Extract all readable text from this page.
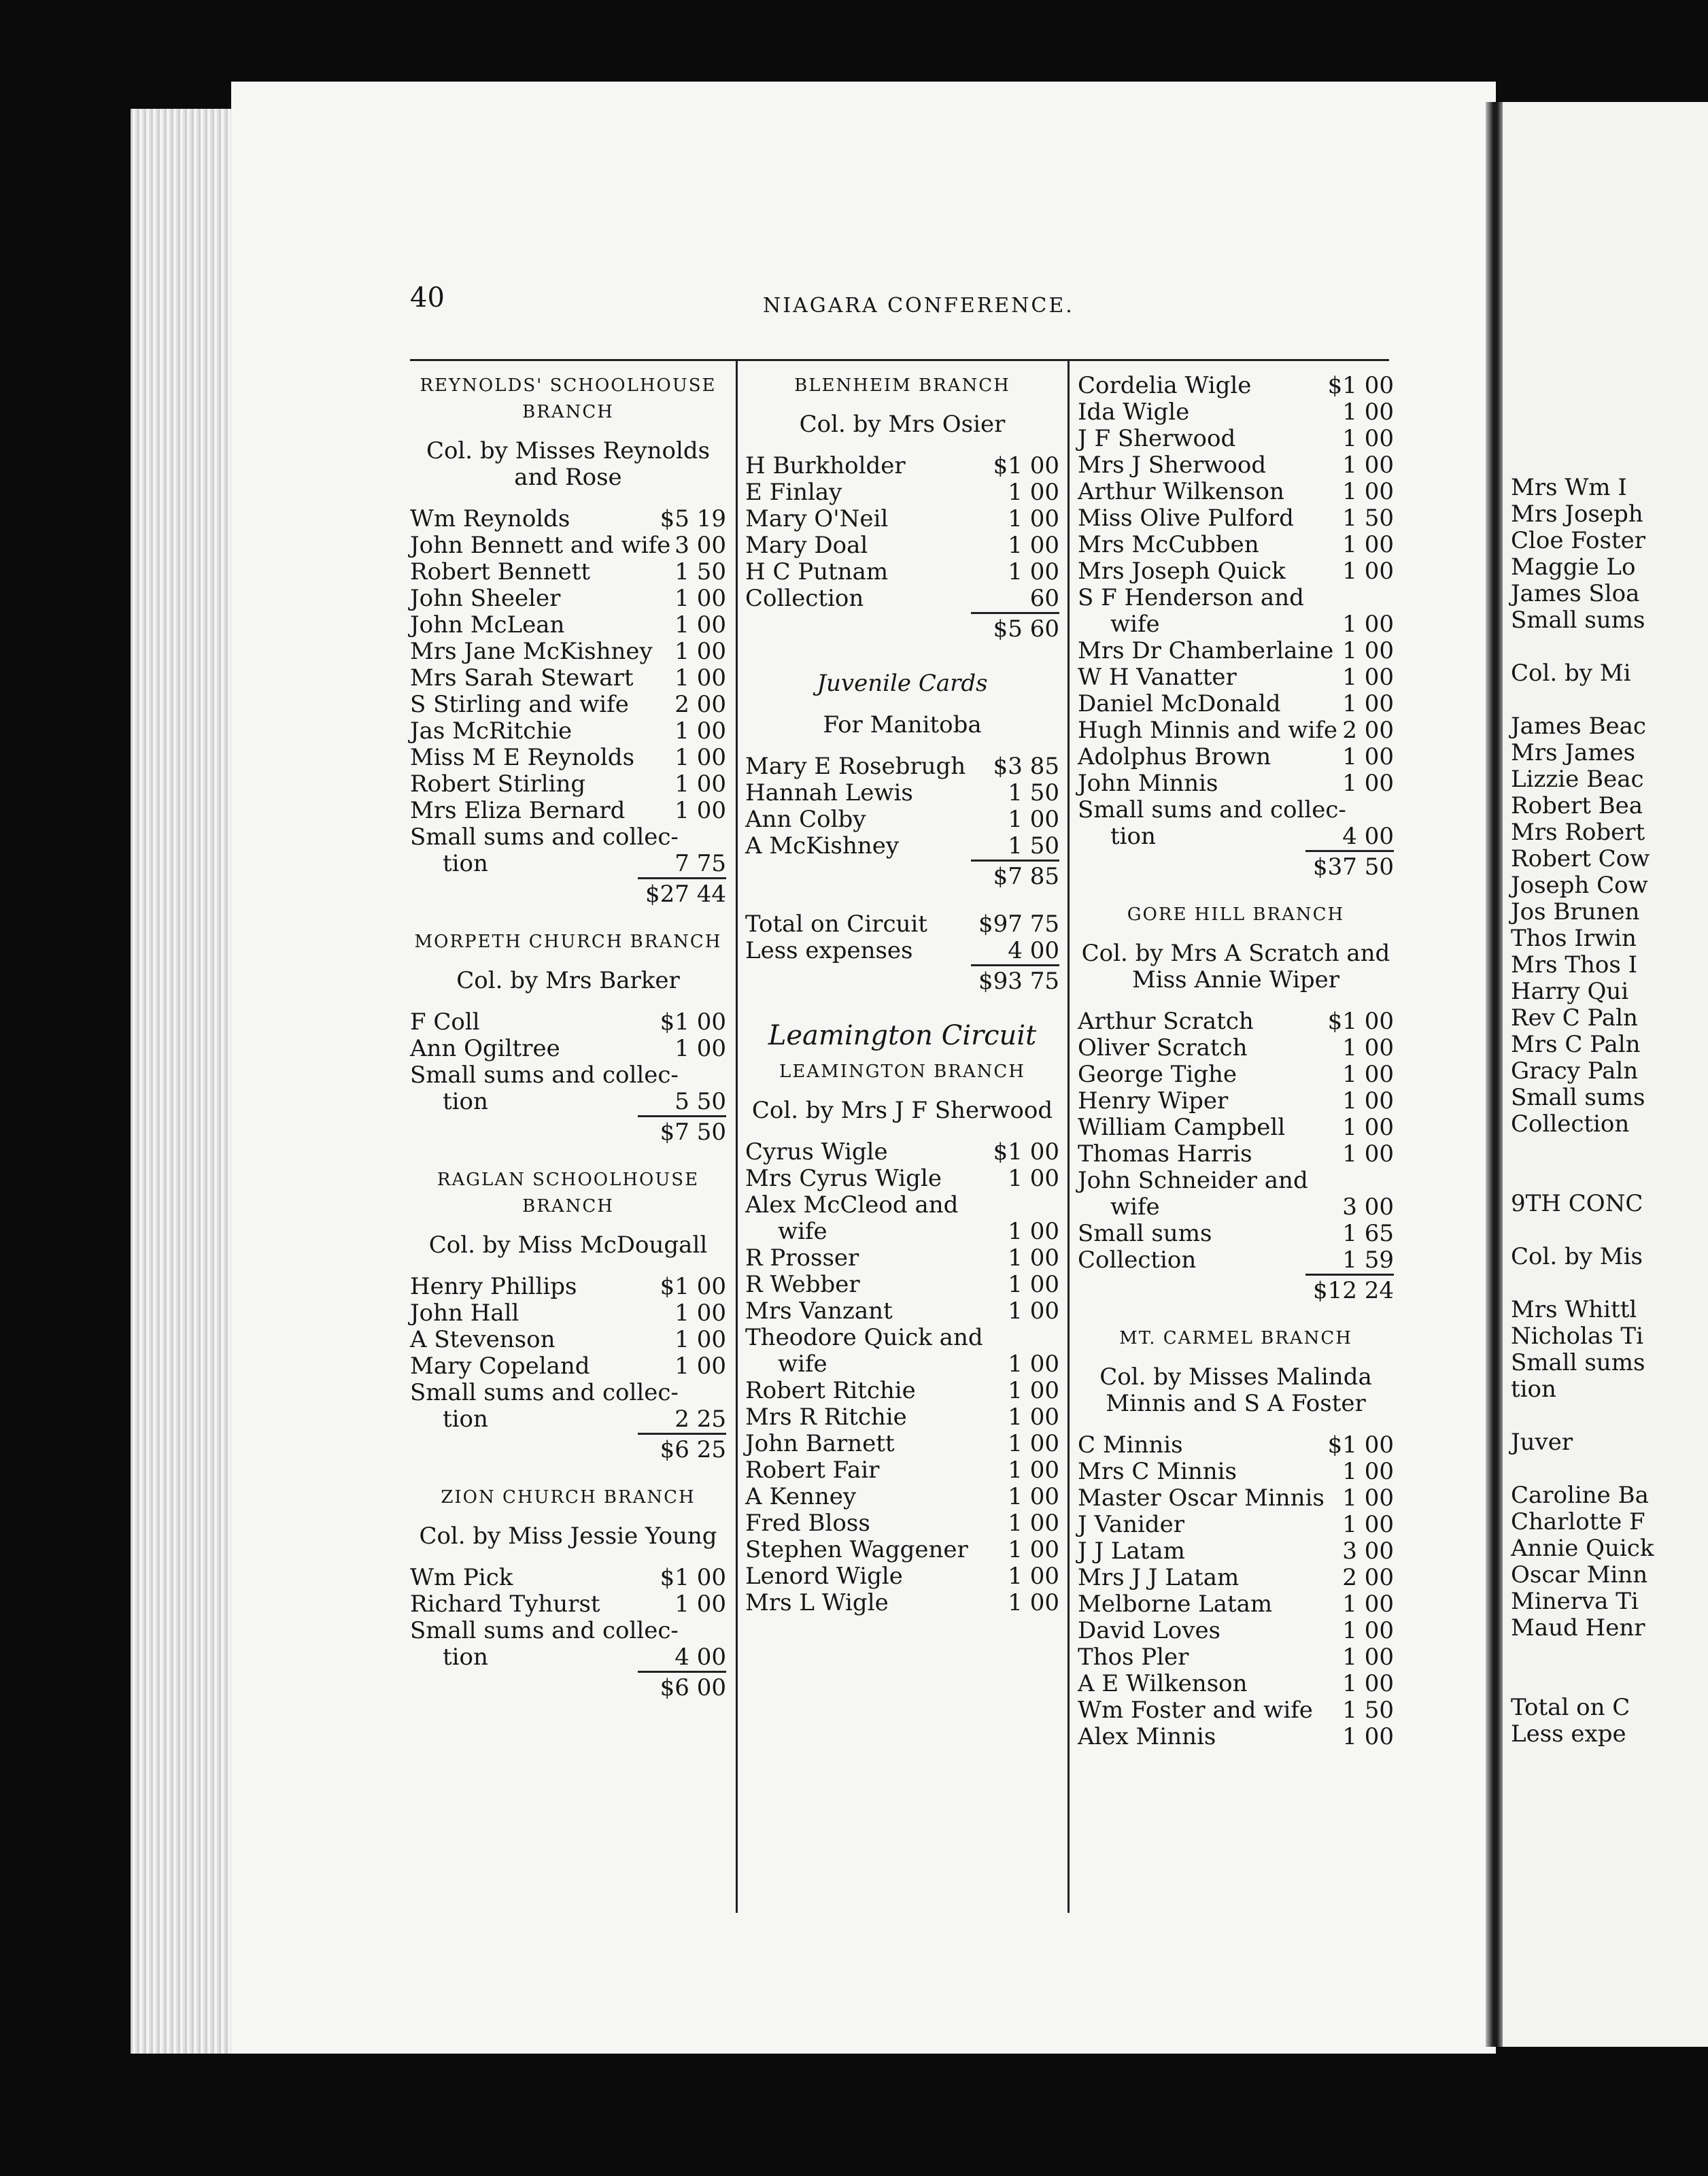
Mrs Wm I
Mrs Joseph
Cloe Foster
Maggie Lo
James Sloa
Small sums
Col. by Mi
James Beac
Mrs James
Lizzie Beac
Robert Bea
Mrs Robert
Robert Cow
Joseph Cow
Jos Brunen
Thos Irwin
Mrs Thos I
Harry Qui
Rev C Paln
Mrs C Paln
Gracy Paln
Small sums
Collection
9TH CONC
Col. by Mis
Mrs Whittl
Nicholas Ti
Small sums
tion
Juver
Caroline Ba
Charlotte F
Annie Quick
Oscar Minn
Minerva Ti
Maud Henr
Total on C
Less expe
40	NIAGARA CONFERENCE.
REYNOLDS' SCHOOLHOUSE
BRANCH
Col. by Misses Reynolds
and Rose
Wm Reynolds	$5 19
John Bennett and wife 3 00
Robert Bennett	1 50
John Sheeler	1 00
John McLean	1 00
Mrs Jane McKishney 1 00
Mrs Sarah Stewart 1 00
S Stirling and wife 2 00
Jas McRitchie	1 00
Miss M E Reynolds 1 00
Robert Stirling	1 00
Mrs Eliza Bernard 1 00
Small sums and collec-
tion	7 75
$27 44
MORPETH CHURCH BRANCH
Col. by Mrs Barker
F Coll	$1 00
Ann Ogiltree	1 00
Small sums and collec-
tion	5 50
$7 50
RAGLAN SCHOOLHOUSE
BRANCH
Col. by Miss McDougall
Henry Phillips	$1 00
John Hall	1 00
A Stevenson	1 00
Mary Copeland	1 00
Small sums and collec-
tion	2 25
$6 25
ZION CHURCH BRANCH
Col. by Miss Jessie Young
Wm Pick	$1 00
Richard Tyhurst	1 00
Small sums and collec-
tion	4 00
$6 00
BLENHEIM BRANCH
Col. by Mrs Osier
H Burkholder	$1 00
E Finlay	1 00
Mary O'Neil	1 00
Mary Doal	1 00
H C Putnam	1 00
Collection	60
$5 60
Juvenile Cards
For Manitoba
Mary E Rosebrugh $3 85
Hannah Lewis	1 50
Ann Colby	1 00
A McKishney	1 50
$7 85
Total on Circuit $97 75
Less expenses	4 00
$93 75
Leamington Circuit
LEAMINGTON BRANCH
Col. by Mrs J F Sherwood
Cyrus Wigle	$1 00
Mrs Cyrus Wigle	1 00
Alex McCleod and
wife	1 00
R Prosser	1 00
R Webber	1 00
Mrs Vanzant	1 00
Theodore Quick and
wife	1 00
Robert Ritchie	1 00
Mrs R Ritchie	1 00
John Barnett	1 00
Robert Fair	1 00
A Kenney	1 00
Fred Bloss	1 00
Stephen Waggener 1 00
Lenord Wigle	1 00
Mrs L Wigle	1 00
Cordelia Wigle	$1 00
Ida Wigle	1 00
J F Sherwood	1 00
Mrs J Sherwood	1 00
Arthur Wilkenson	1 00
Miss Olive Pulford 1 50
Mrs McCubben	1 00
Mrs Joseph Quick 1 00
S F Henderson and
wife	1 00
Mrs Dr Chamberlaine 1 00
W H Vanatter	1 00
Daniel McDonald	1 00
Hugh Minnis and wife 2 00
Adolphus Brown	1 00
John Minnis	1 00
Small sums and collec-
tion	4 00
$37 50
GORE HILL BRANCH
Col. by Mrs A Scratch and
Miss Annie Wiper
Arthur Scratch	$1 00
Oliver Scratch	1 00
George Tighe	1 00
Henry Wiper	1 00
William Campbell 1 00
Thomas Harris	1 00
John Schneider and
wife	3 00
Small sums	1 65
Collection	1 59
$12 24
MT. CARMEL BRANCH
Col. by Misses Malinda
Minnis and S A Foster
C Minnis	$1 00
Mrs C Minnis	1 00
Master Oscar Minnis 1 00
J Vanider	1 00
J J Latam	3 00
Mrs J J Latam	2 00
Melborne Latam	1 00
David Loves	1 00
Thos Pler	1 00
A E Wilkenson	1 00
Wm Foster and wife 1 50
Alex Minnis	1 00
